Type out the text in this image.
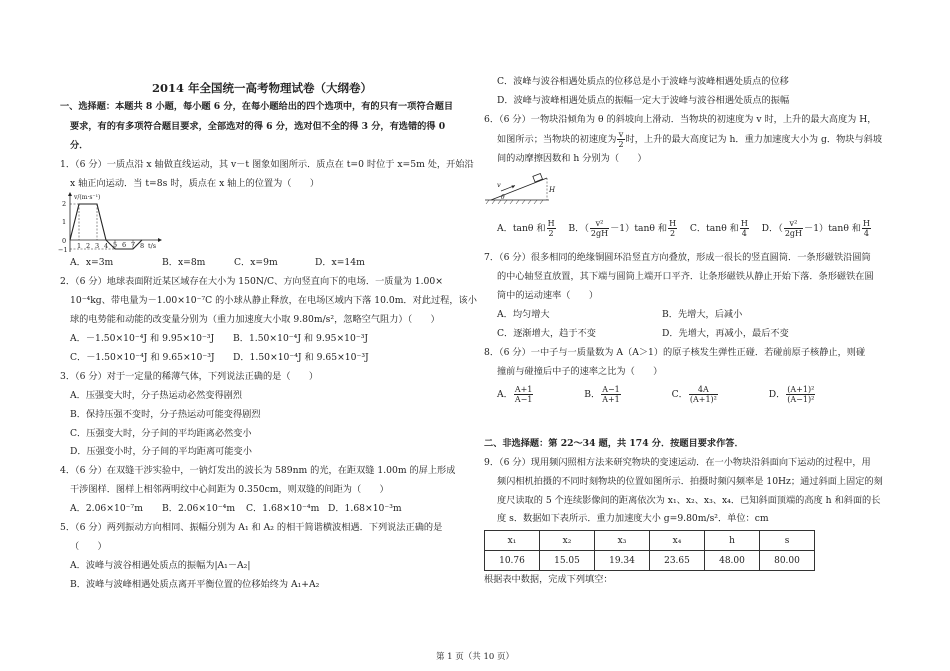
2014 年全国统一高考物理试卷（大纲卷）
一、选择题：本题共 8 小题，每小题 6 分，在每小题给出的四个选项中，有的只有一项符合题目
要求，有的有多项符合题目要求，全部选对的得 6 分，选对但不全的得 3 分，有选错的得 0
分．
1．（6 分）一质点沿 x 轴做直线运动，其 v－t 图象如图所示．质点在 t=0 时位于 x=5m 处，开始沿
x 轴正向运动．当 t=8s 时，质点在 x 轴上的位置为（　　）
v/(m·s⁻¹)
t/s
2
1
0
−1 1 2 3 4 5 6 7 8
A．x=3m	B．x=8m	C．x=9m	D．x=14m
2．（6 分）地球表面附近某区域存在大小为 150N/C、方向竖直向下的电场．一质量为 1.00×
10⁻⁴kg、带电量为－1.00×10⁻⁷C 的小球从静止释放，在电场区域内下落 10.0m．对此过程，该小
球的电势能和动能的改变量分别为（重力加速度大小取 9.80m/s²，忽略空气阻力）（　　）
A．－1.50×10⁻⁴J 和 9.95×10⁻³J B．1.50×10⁻⁴J 和 9.95×10⁻³J
C．－1.50×10⁻⁴J 和 9.65×10⁻³J D．1.50×10⁻⁴J 和 9.65×10⁻³J
3．（6 分）对于一定量的稀薄气体，下列说法正确的是（　　）
A．压强变大时，分子热运动必然变得剧烈
B．保持压强不变时，分子热运动可能变得剧烈
C．压强变大时，分子间的平均距离必然变小
D．压强变小时，分子间的平均距离可能变小
4．（6 分）在双缝干涉实验中，一钠灯发出的波长为 589nm 的光，在距双缝 1.00m 的屏上形成
干涉图样．图样上相邻两明纹中心间距为 0.350cm，则双缝的间距为（　　）
A．2.06×10⁻⁷m B．2.06×10⁻⁴m C．1.68×10⁻⁴m D．1.68×10⁻³m
5．（6 分）两列振动方向相同、振幅分别为 A₁ 和 A₂ 的相干简谐横波相遇．下列说法正确的是
（　　）
A．波峰与波谷相遇处质点的振幅为|A₁－A₂|
B．波峰与波峰相遇处质点离开平衡位置的位移始终为 A₁+A₂
C．波峰与波谷相遇处质点的位移总是小于波峰与波峰相遇处质点的位移
D．波峰与波峰相遇处质点的振幅一定大于波峰与波谷相遇处质点的振幅
6．（6 分）一物块沿倾角为 θ 的斜坡向上滑动．当物块的初速度为 v 时，上升的最大高度为 H，
如图所示；当物块的初速度为 $\frac{v}{2}$ 时，上升的最大高度记为 h．重力加速度大小为 g．物块与斜坡
间的动摩擦因数和 h 分别为（　　）
v
θ
H
A．tanθ 和 $\frac{H}{2}$ B．（ $\frac{\text{v²}}{2gH} -1)\tan\theta$ 和 $\frac{H}{2}$ C．tanθ 和 $\frac{H}{4}$ D．（ $\frac{\text{v²}}{2gH} -1)\tan\theta$ 和 $\frac{H}{4}$
7．（6 分）很多相同的绝缘铜圆环沿竖直方向叠放，形成一很长的竖直圆筒．一条形磁铁沿圆筒
的中心轴竖直放置，其下端与圆筒上端开口平齐．让条形磁铁从静止开始下落．条形磁铁在圆
筒中的运动速率（　　）
A．均匀增大	B．先增大，后减小
C．逐渐增大，趋于不变	D．先增大，再减小，最后不变
8．（6 分）一中子与一质量数为 A（A＞1）的原子核发生弹性正碰．若碰前原子核静止，则碰
撞前与碰撞后中子的速率之比为（　　）
A． $\frac{A+1}{A-1}$	B． $\frac{A-1}{A+1}$	C． $\frac{4A}{\text{(A+1)²}}$	D． $\frac{\text{(A+1)²}}{\text{(A−1)²}}$
二、非选择题：第 22～34 题，共 174 分．按题目要求作答．
9．（6 分）现用频闪照相方法来研究物块的变速运动．在一小物块沿斜面向下运动的过程中，用
频闪相机拍摄的不同时刻物块的位置如图所示．拍摄时频闪频率是 10Hz；通过斜面上固定的刻
度尺读取的 5 个连续影像间的距离依次为 x₁、x₂、x₃、x₄．已知斜面顶端的高度 h 和斜面的长
度 s．数据如下表所示．重力加速度大小 g=9.80m/s²．单位：cm
x₁	x₂	x₃	x₄	h	s
10.76	15.05	19.34	23.65	48.00	80.00
根据表中数据，完成下列填空：
第 1 页（共 10 页）
